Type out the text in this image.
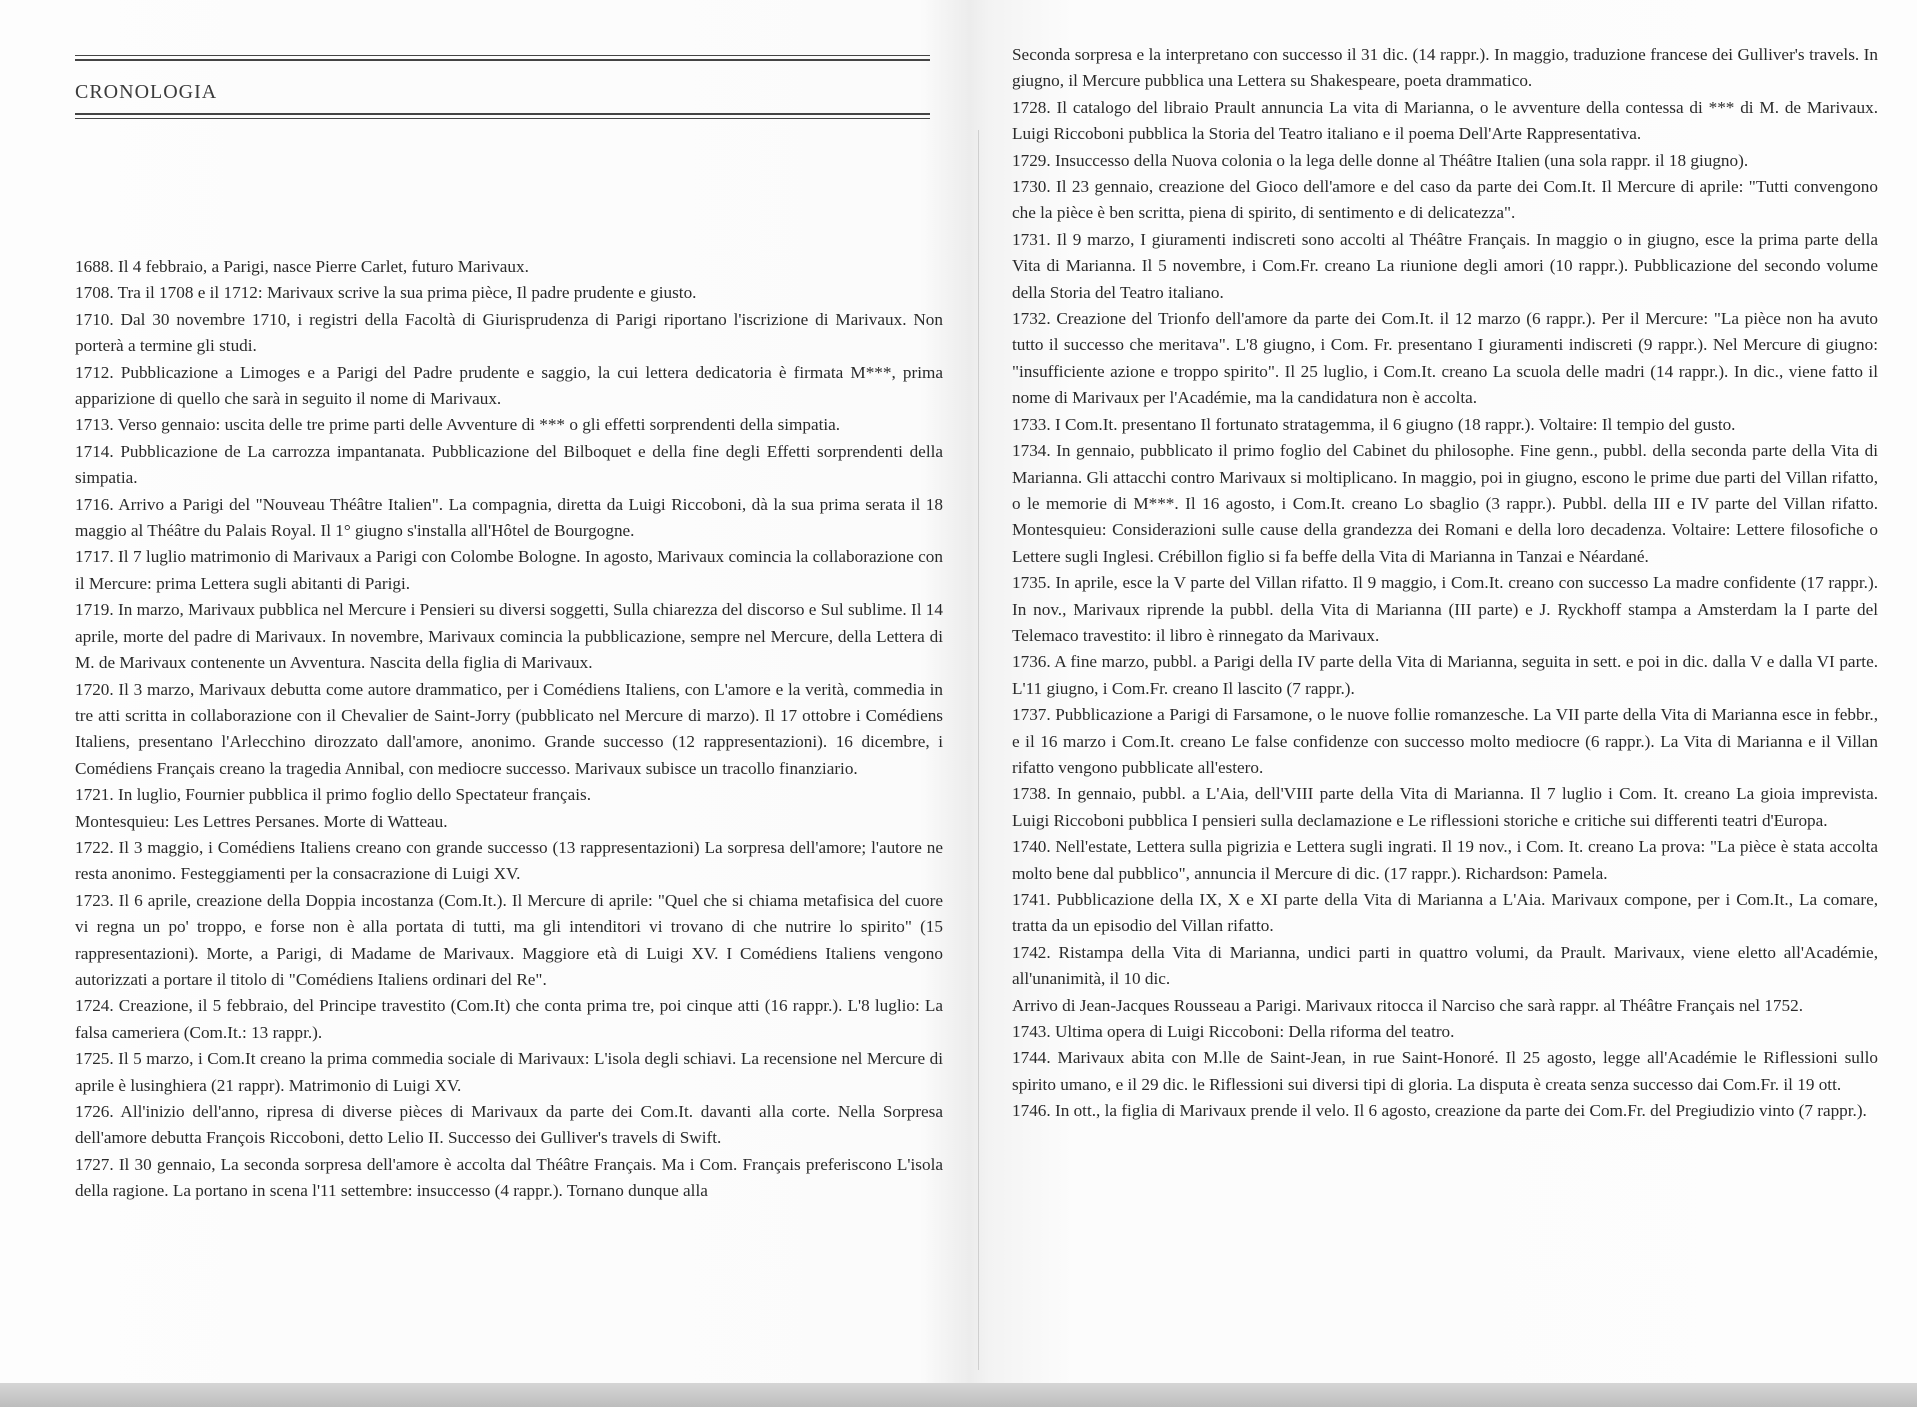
CRONOLOGIA

1688. Il 4 febbraio, a Parigi, nasce Pierre Carlet, futuro Marivaux.

1708. Tra il 1708 e il 1712: Marivaux scrive la sua prima pièce, Il padre prudente e giusto.

1710. Dal 30 novembre 1710, i registri della Facoltà di Giurisprudenza di Parigi riportano l'iscrizione di Marivaux. Non porterà a termine gli studi.

1712. Pubblicazione a Limoges e a Parigi del Padre prudente e saggio, la cui lettera dedicatoria è firmata M***, prima apparizione di quello che sarà in seguito il nome di Marivaux.

1713. Verso gennaio: uscita delle tre prime parti delle Avventure di *** o gli effetti sorprendenti della simpatia.

1714. Pubblicazione de La carrozza impantanata. Pubblicazione del Bilboquet e della fine degli Effetti sorprendenti della simpatia.

1716. Arrivo a Parigi del "Nouveau Théâtre Italien". La compagnia, diretta da Luigi Riccoboni, dà la sua prima serata il 18 maggio al Théâtre du Palais Royal. Il 1° giugno s'installa all'Hôtel de Bourgogne.

1717. Il 7 luglio matrimonio di Marivaux a Parigi con Colombe Bologne. In agosto, Marivaux comincia la collaborazione con il Mercure: prima Lettera sugli abitanti di Parigi.

1719. In marzo, Marivaux pubblica nel Mercure i Pensieri su diversi soggetti, Sulla chiarezza del discorso e Sul sublime. Il 14 aprile, morte del padre di Marivaux. In novembre, Marivaux comincia la pubblicazione, sempre nel Mercure, della Lettera di M. de Marivaux contenente un Avventura. Nascita della figlia di Marivaux.

1720. Il 3 marzo, Marivaux debutta come autore drammatico, per i Comédiens Italiens, con L'amore e la verità, commedia in tre atti scritta in collaborazione con il Chevalier de Saint-Jorry (pubblicato nel Mercure di marzo). Il 17 ottobre i Comédiens Italiens, presentano l'Arlecchino dirozzato dall'amore, anonimo. Grande successo (12 rappresentazioni). 16 dicembre, i Comédiens Français creano la tragedia Annibal, con mediocre successo. Marivaux subisce un tracollo finanziario.

1721. In luglio, Fournier pubblica il primo foglio dello Spectateur français.

Montesquieu: Les Lettres Persanes. Morte di Watteau.

1722. Il 3 maggio, i Comédiens Italiens creano con grande successo (13 rappresentazioni) La sorpresa dell'amore; l'autore ne resta anonimo. Festeggiamenti per la consacrazione di Luigi XV.

1723. Il 6 aprile, creazione della Doppia incostanza (Com.It.). Il Mercure di aprile: "Quel che si chiama metafisica del cuore vi regna un po' troppo, e forse non è alla portata di tutti, ma gli intenditori vi trovano di che nutrire lo spirito" (15 rappresentazioni). Morte, a Parigi, di Madame de Marivaux. Maggiore età di Luigi XV. I Comédiens Italiens vengono autorizzati a portare il titolo di "Comédiens Italiens ordinari del Re".

1724. Creazione, il 5 febbraio, del Principe travestito (Com.It) che conta prima tre, poi cinque atti (16 rappr.). L'8 luglio: La falsa cameriera (Com.It.: 13 rappr.).

1725. Il 5 marzo, i Com.It creano la prima commedia sociale di Marivaux: L'isola degli schiavi. La recensione nel Mercure di aprile è lusinghiera (21 rappr). Matrimonio di Luigi XV.

1726. All'inizio dell'anno, ripresa di diverse pièces di Marivaux da parte dei Com.It. davanti alla corte. Nella Sorpresa dell'amore debutta François Riccoboni, detto Lelio II. Successo dei Gulliver's travels di Swift.

1727. Il 30 gennaio, La seconda sorpresa dell'amore è accolta dal Théâtre Français. Ma i Com. Français preferiscono L'isola della ragione. La portano in scena l'11 settembre: insuccesso (4 rappr.). Tornano dunque alla

Seconda sorpresa e la interpretano con successo il 31 dic. (14 rappr.). In maggio, traduzione francese dei Gulliver's travels. In giugno, il Mercure pubblica una Lettera su Shakespeare, poeta drammatico.

1728. Il catalogo del libraio Prault annuncia La vita di Marianna, o le avventure della contessa di *** di M. de Marivaux. Luigi Riccoboni pubblica la Storia del Teatro italiano e il poema Dell'Arte Rappresentativa.

1729. Insuccesso della Nuova colonia o la lega delle donne al Théâtre Italien (una sola rappr. il 18 giugno).

1730. Il 23 gennaio, creazione del Gioco dell'amore e del caso da parte dei Com.It. Il Mercure di aprile: "Tutti convengono che la pièce è ben scritta, piena di spirito, di sentimento e di delicatezza".

1731. Il 9 marzo, I giuramenti indiscreti sono accolti al Théâtre Français. In maggio o in giugno, esce la prima parte della Vita di Marianna. Il 5 novembre, i Com.Fr. creano La riunione degli amori (10 rappr.). Pubblicazione del secondo volume della Storia del Teatro italiano.

1732. Creazione del Trionfo dell'amore da parte dei Com.It. il 12 marzo (6 rappr.). Per il Mercure: "La pièce non ha avuto tutto il successo che meritava". L'8 giugno, i Com. Fr. presentano I giuramenti indiscreti (9 rappr.). Nel Mercure di giugno: "insufficiente azione e troppo spirito". Il 25 luglio, i Com.It. creano La scuola delle madri (14 rappr.). In dic., viene fatto il nome di Marivaux per l'Académie, ma la candidatura non è accolta.

1733. I Com.It. presentano Il fortunato stratagemma, il 6 giugno (18 rappr.). Voltaire: Il tempio del gusto.

1734. In gennaio, pubblicato il primo foglio del Cabinet du philosophe. Fine genn., pubbl. della seconda parte della Vita di Marianna. Gli attacchi contro Marivaux si moltiplicano. In maggio, poi in giugno, escono le prime due parti del Villan rifatto, o le memorie di M***. Il 16 agosto, i Com.It. creano Lo sbaglio (3 rappr.). Pubbl. della III e IV parte del Villan rifatto. Montesquieu: Considerazioni sulle cause della grandezza dei Romani e della loro decadenza. Voltaire: Lettere filosofiche o Lettere sugli Inglesi. Crébillon figlio si fa beffe della Vita di Marianna in Tanzai e Néardané.

1735. In aprile, esce la V parte del Villan rifatto. Il 9 maggio, i Com.It. creano con successo La madre confidente (17 rappr.). In nov., Marivaux riprende la pubbl. della Vita di Marianna (III parte) e J. Ryckhoff stampa a Amsterdam la I parte del Telemaco travestito: il libro è rinnegato da Marivaux.

1736. A fine marzo, pubbl. a Parigi della IV parte della Vita di Marianna, seguita in sett. e poi in dic. dalla V e dalla VI parte. L'11 giugno, i Com.Fr. creano Il lascito (7 rappr.).

1737. Pubblicazione a Parigi di Farsamone, o le nuove follie romanzesche. La VII parte della Vita di Marianna esce in febbr., e il 16 marzo i Com.It. creano Le false confidenze con successo molto mediocre (6 rappr.). La Vita di Marianna e il Villan rifatto vengono pubblicate all'estero.

1738. In gennaio, pubbl. a L'Aia, dell'VIII parte della Vita di Marianna. Il 7 luglio i Com. It. creano La gioia imprevista. Luigi Riccoboni pubblica I pensieri sulla declamazione e Le riflessioni storiche e critiche sui differenti teatri d'Europa.

1740. Nell'estate, Lettera sulla pigrizia e Lettera sugli ingrati. Il 19 nov., i Com. It. creano La prova: "La pièce è stata accolta molto bene dal pubblico", annuncia il Mercure di dic. (17 rappr.). Richardson: Pamela.

1741. Pubblicazione della IX, X e XI parte della Vita di Marianna a L'Aia. Marivaux compone, per i Com.It., La comare, tratta da un episodio del Villan rifatto.

1742. Ristampa della Vita di Marianna, undici parti in quattro volumi, da Prault. Marivaux, viene eletto all'Académie, all'unanimità, il 10 dic.

Arrivo di Jean-Jacques Rousseau a Parigi. Marivaux ritocca il Narciso che sarà rappr. al Théâtre Français nel 1752.

1743. Ultima opera di Luigi Riccoboni: Della riforma del teatro.

1744. Marivaux abita con M.lle de Saint-Jean, in rue Saint-Honoré. Il 25 agosto, legge all'Académie le Riflessioni sullo spirito umano, e il 29 dic. le Riflessioni sui diversi tipi di gloria. La disputa è creata senza successo dai Com.Fr. il 19 ott.

1746. In ott., la figlia di Marivaux prende il velo. Il 6 agosto, creazione da parte dei Com.Fr. del Pregiudizio vinto (7 rappr.).
